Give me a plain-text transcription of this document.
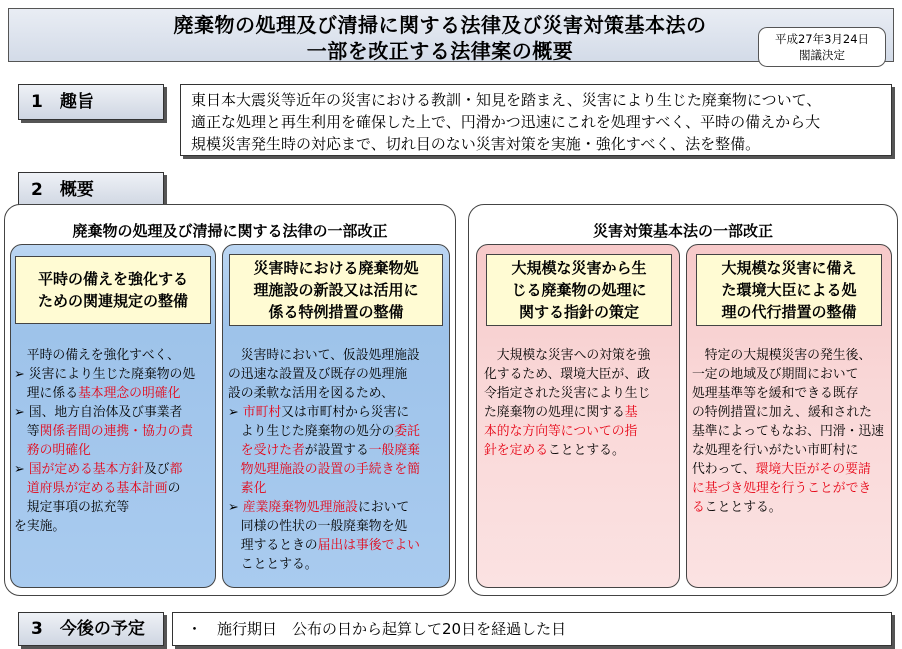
廃棄物の処理及び清掃に関する法律及び災害対策基本法の
一部を改正する法律案の概要	平成27年3月24日
閣議決定
1　趣旨	東日本大震災等近年の災害における教訓・知見を踏まえ、災害により生じた廃棄物について、
適正な処理と再生利用を確保した上で、円滑かつ迅速にこれを処理すべく、平時の備えから大
規模災害発生時の対応まで、切れ目のない災害対策を実施・強化すべく、法を整備。
2　概要
廃棄物の処理及び清掃に関する法律の一部改正
平時の備えを強化する
ための関連規定の整備
　平時の備えを強化すべく、
➢ 災害により生じた廃棄物の処
　理に係る基本理念の明確化
➢ 国、地方自治体及び事業者
　等関係者間の連携・協力の責
　務の明確化
➢ 国が定める基本方針及び都
　道府県が定める基本計画の
　規定事項の拡充等
を実施。
災害時における廃棄物処
理施設の新設又は活用に
係る特例措置の整備
　災害時において、仮設処理施設
の迅速な設置及び既存の処理施
設の柔軟な活用を図るため、
➢ 市町村又は市町村から災害に
　より生じた廃棄物の処分の委託
　を受けた者が設置する一般廃棄
　物処理施設の設置の手続きを簡
　素化
➢ 産業廃棄物処理施設において
　同様の性状の一般廃棄物を処
　理するときの届出は事後でよい
　こととする。
災害対策基本法の一部改正
大規模な災害から生
じる廃棄物の処理に
関する指針の策定
　大規模な災害への対策を強
化するため、環境大臣が、政
令指定された災害により生じ
た廃棄物の処理に関する基
本的な方向等についての指
針を定めることとする。
大規模な災害に備え
た環境大臣による処
理の代行措置の整備
　特定の大規模災害の発生後、
一定の地域及び期間において
処理基準等を緩和できる既存
の特例措置に加え、緩和された
基準によってもなお、円滑・迅速
な処理を行いがたい市町村に
代わって、環境大臣がその要請
に基づき処理を行うことができ
ることとする。
3　今後の予定	・　施行期日　公布の日から起算して20日を経過した日
